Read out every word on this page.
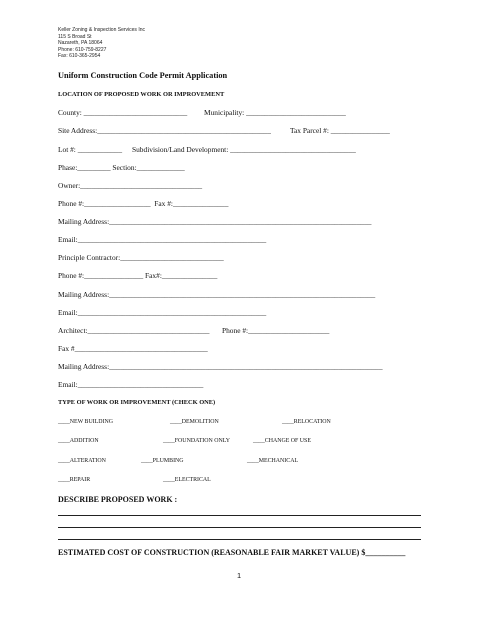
Keller Zoning & Inspection Services Inc
115 S Broad St
Nazareth, PA 18064
Phone: 610-759-8227
Fax: 610-365-2954
Uniform Construction Code Permit Application
LOCATION OF PROPOSED WORK OR IMPROVEMENT
County: ____________________________ Municipality: ___________________________
Site Address:_______________________________________________	Tax Parcel #: ________________
Lot #: ____________ Subdivision/Land Development: __________________________________
Phase:_________ Section:_____________
Owner:_________________________________
Phone #:__________________  Fax #:_______________
Mailing Address:_______________________________________________________________________
Email:___________________________________________________
Principle Contractor:____________________________
Phone #:________________ Fax#:_______________
Mailing Address:________________________________________________________________________
Email:___________________________________________________
Architect:_________________________________ Phone #:______________________
Fax #____________________________________
Mailing Address:__________________________________________________________________________
Email:__________________________________
TYPE OF WORK OR IMPROVEMENT (CHECK ONE)
____NEW BUILDING	____DEMOLITION	____RELOCATION
____ADDITION	____FOUNDATION ONLY	____CHANGE OF USE
____ALTERATION	____PLUMBING	____MECHANICAL
____REPAIR	____ELECTRICAL
DESCRIBE PROPOSED WORK :
ESTIMATED COST OF CONSTRUCTION (REASONABLE FAIR MARKET VALUE) $__________
1
